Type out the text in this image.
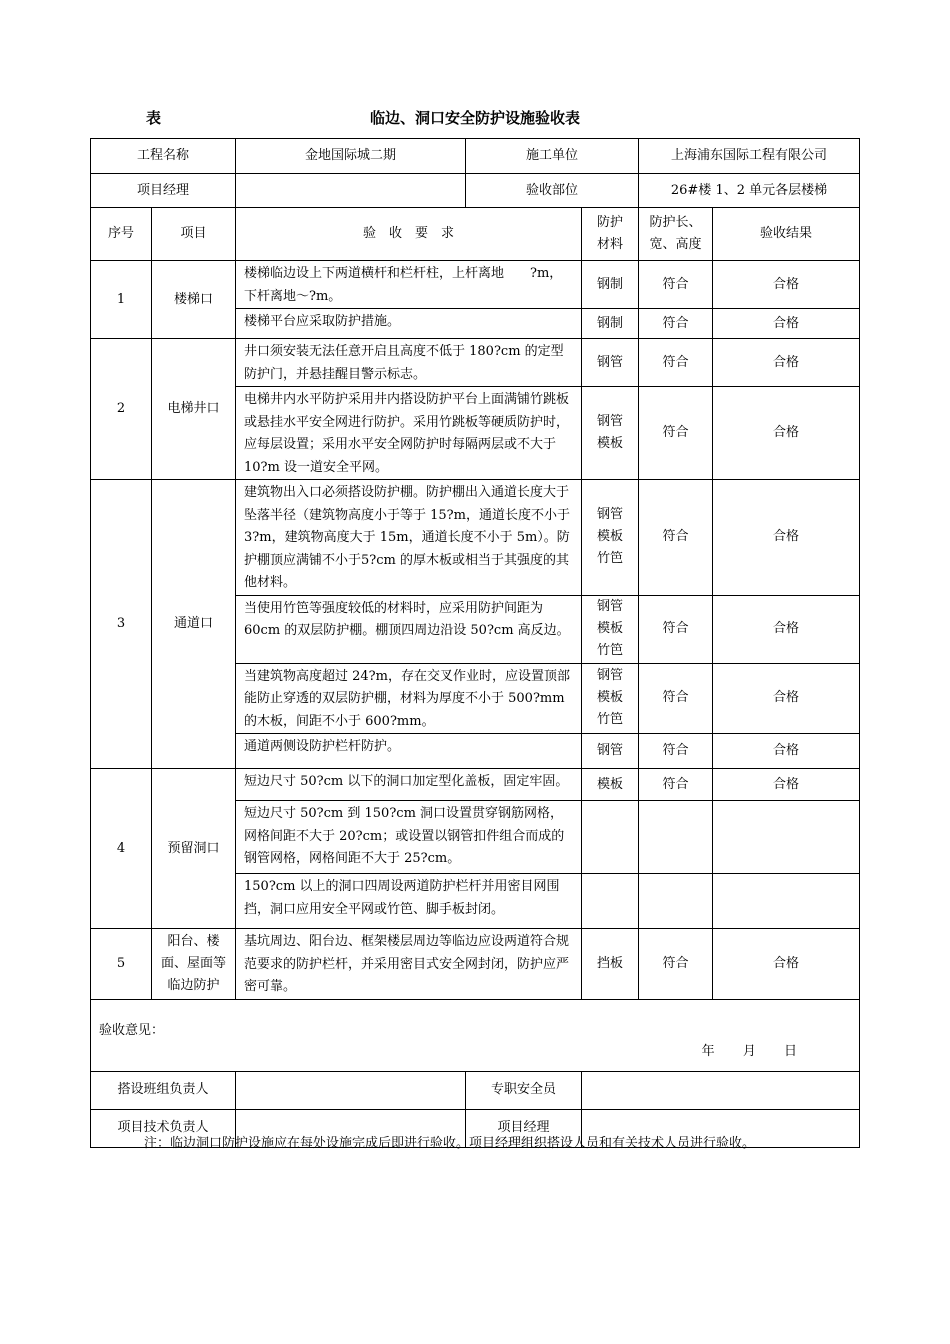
表	临边、洞口安全防护设施验收表
工程名称		金地国际城二期	施工单位		上海浦东国际工程有限公司	
项目经理			验收部位		26#楼 1、2 单元各层楼梯	
序号	项目	验　收　要　求		防护材料	防护长、宽、高度	验收结果
1	楼梯口	楼梯临边设上下两道横杆和栏杆柱，上杆离地　　?m，下杆离地～?m。		钢制	符合	合格
		楼梯平台应采取防护措施。		钢制	符合	合格
2	电梯井口	井口须安装无法任意开启且高度不低于 180?cm 的定型防护门，并悬挂醒目警示标志。		钢管	符合	合格
		电梯井内水平防护采用井内搭设防护平台上面满铺竹跳板或悬挂水平安全网进行防护。采用竹跳板等硬质防护时，应每层设置；采用水平安全网防护时每隔两层或不大于10?m 设一道安全平网。		钢管 模板	符合	合格
3	通道口	建筑物出入口必须搭设防护棚。防护棚出入通道长度大于坠落半径（建筑物高度小于等于 15?m，通道长度不小于 3?m，建筑物高度大于 15m，通道长度不小于 5m）。防护棚顶应满铺不小于5?cm 的厚木板或相当于其强度的其他材料。		钢管 模板 竹笆	符合	合格
		当使用竹笆等强度较低的材料时，应采用防护间距为 60cm 的双层防护棚。棚顶四周边沿设 50?cm 高反边。		钢管 模板 竹笆	符合	合格
		当建筑物高度超过 24?m，存在交叉作业时，应设置顶部能防止穿透的双层防护棚，材料为厚度不小于 500?mm 的木板，间距不小于 600?mm。		钢管 模板 竹笆	符合	合格
		通道两侧设防护栏杆防护。		钢管	符合	合格
4	预留洞口	短边尺寸 50?cm 以下的洞口加定型化盖板，固定牢固。		模板	符合	合格
		短边尺寸 50?cm 到 150?cm 洞口设置贯穿钢筋网格，网格间距不大于 20?cm；或设置以钢管扣件组合而成的钢管网格，网格间距不大于 25?cm。				
		150?cm 以上的洞口四周设两道防护栏杆并用密目网围挡，洞口应用安全平网或竹笆、脚手板封闭。				
5	阳台、楼面、屋面等临边防护	基坑周边、阳台边、框架楼层周边等临边应设两道符合规范要求的防护栏杆，并采用密目式安全网封闭，防护应严密可靠。		挡板	符合	合格

验收意见：
年 月 日						

搭设班组负责人			专职安全员			
项目技术负责人			项目经理			
注：临边洞口防护设施应在每处设施完成后即进行验收。项目经理组织搭设人员和有关技术人员进行验收。
